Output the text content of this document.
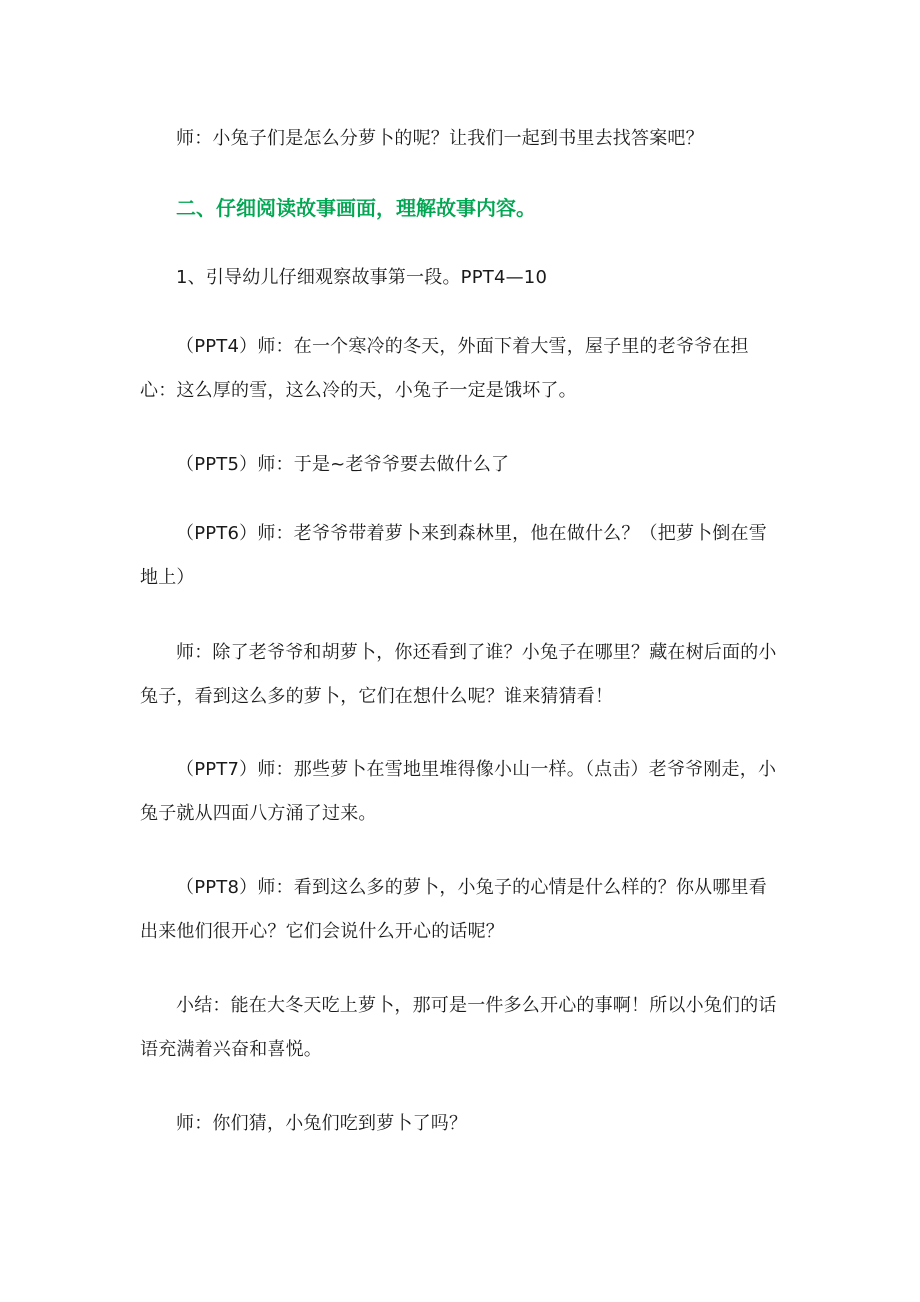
师：小兔子们是怎么分萝卜的呢？让我们一起到书里去找答案吧？

二、仔细阅读故事画面，理解故事内容。

1、引导幼儿仔细观察故事第一段。PPT4—10

（PPT4）师：在一个寒冷的冬天，外面下着大雪，屋子里的老爷爷在担心：这么厚的雪，这么冷的天，小兔子一定是饿坏了。

（PPT5）师：于是~老爷爷要去做什么了

（PPT6）师：老爷爷带着萝卜来到森林里，他在做什么？（把萝卜倒在雪地上）

师：除了老爷爷和胡萝卜，你还看到了谁？小兔子在哪里？藏在树后面的小兔子，看到这么多的萝卜，它们在想什么呢？谁来猜猜看！

（PPT7）师：那些萝卜在雪地里堆得像小山一样。（点击）老爷爷刚走，小兔子就从四面八方涌了过来。

（PPT8）师：看到这么多的萝卜，小兔子的心情是什么样的？你从哪里看出来他们很开心？它们会说什么开心的话呢？

小结：能在大冬天吃上萝卜，那可是一件多么开心的事啊！所以小兔们的话语充满着兴奋和喜悦。

师：你们猜，小兔们吃到萝卜了吗？
